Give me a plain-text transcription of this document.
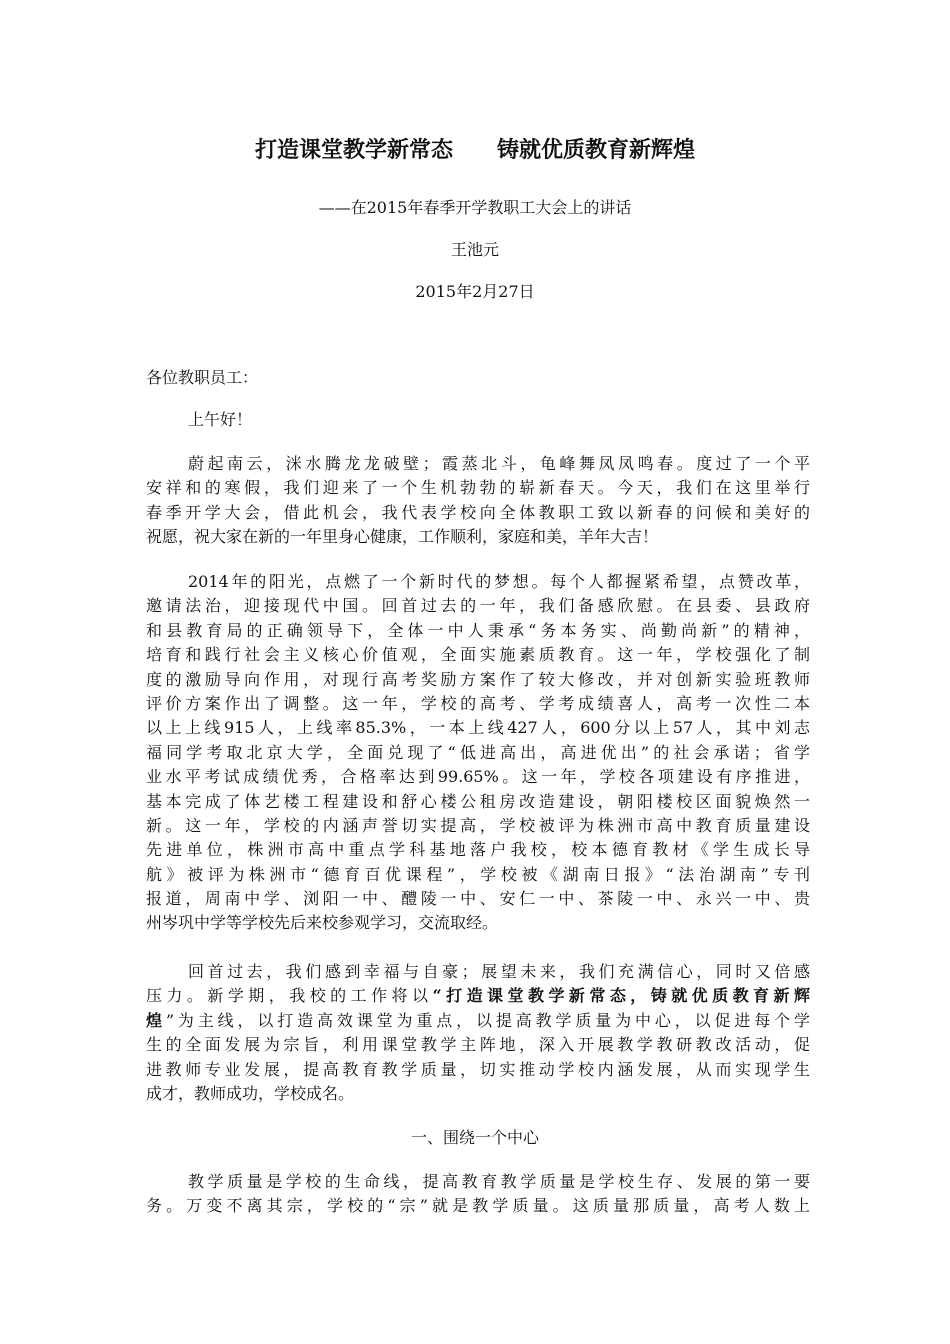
打造课堂教学新常态　　铸就优质教育新辉煌

——在2015年春季开学教职工大会上的讲话

王池元

2015年2月27日

各位教职员工：

上午好！

蔚起南云，洣水腾龙龙破壁；霞蒸北斗，龟峰舞凤凤鸣春。度过了一个平
安祥和的寒假，我们迎来了一个生机勃勃的崭新春天。今天，我们在这里举行
春季开学大会，借此机会，我代表学校向全体教职工致以新春的问候和美好的
祝愿，祝大家在新的一年里身心健康，工作顺利，家庭和美，羊年大吉！
2014年的阳光，点燃了一个新时代的梦想。每个人都握紧希望，点赞改革，
邀请法治，迎接现代中国。回首过去的一年，我们备感欣慰。在县委、县政府
和县教育局的正确领导下，全体一中人秉承“务本务实、尚勤尚新”的精神，
培育和践行社会主义核心价值观，全面实施素质教育。这一年，学校强化了制
度的激励导向作用，对现行高考奖励方案作了较大修改，并对创新实验班教师
评价方案作出了调整。这一年，学校的高考、学考成绩喜人，高考一次性二本
以上上线915人，上线率85.3%，一本上线427人，600分以上57人，其中刘志
福同学考取北京大学，全面兑现了“低进高出，高进优出”的社会承诺；省学
业水平考试成绩优秀，合格率达到99.65%。这一年，学校各项建设有序推进，
基本完成了体艺楼工程建设和舒心楼公租房改造建设，朝阳楼校区面貌焕然一
新。这一年，学校的内涵声誉切实提高，学校被评为株洲市高中教育质量建设
先进单位，株洲市高中重点学科基地落户我校，校本德育教材《学生成长导
航》被评为株洲市“德育百优课程”，学校被《湖南日报》“法治湖南”专刊
报道，周南中学、浏阳一中、醴陵一中、安仁一中、茶陵一中、永兴一中、贵
州岑巩中学等学校先后来校参观学习，交流取经。
回首过去，我们感到幸福与自豪；展望未来，我们充满信心，同时又倍感
压力。新学期，我校的工作将以“打造课堂教学新常态，铸就优质教育新辉
煌”为主线，以打造高效课堂为重点，以提高教学质量为中心，以促进每个学
生的全面发展为宗旨，利用课堂教学主阵地，深入开展教学教研教改活动，促
进教师专业发展，提高教育教学质量，切实推动学校内涵发展，从而实现学生
成才，教师成功，学校成名。

一、围绕一个中心

教学质量是学校的生命线，提高教育教学质量是学校生存、发展的第一要
务。万变不离其宗，学校的“宗”就是教学质量。这质量那质量，高考人数上
